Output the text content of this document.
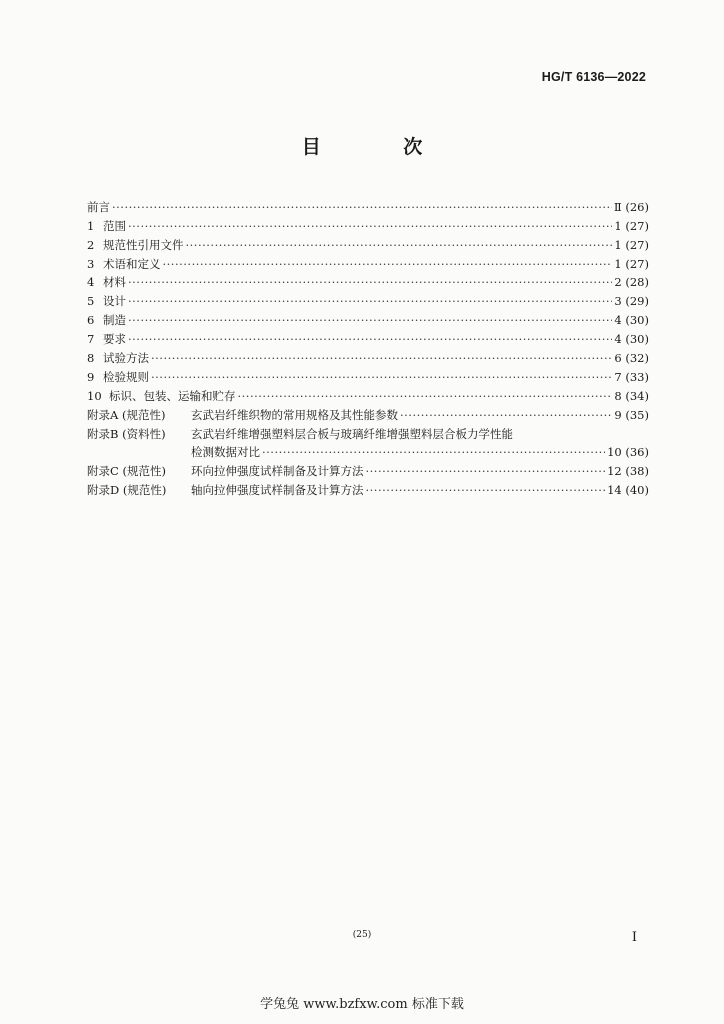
HG/T 6136—2022
目 次
前言 ·····	Ⅱ (26)
1 范围 ·····	1 (27)
2 规范性引用文件 ·····	1 (27)
3 术语和定义 ·····	1 (27)
4 材料 ·····	2 (28)
5 设计 ·····	3 (29)
6 制造 ·····	4 (30)
7 要求 ·····	4 (30)
8 试验方法 ·····	6 (32)
9 检验规则 ·····	7 (33)
10 标识、包装、运输和贮存 ·····	8 (34)
附录A (规范性)	玄武岩纤维织物的常用规格及其性能参数 ·····	9 (35)
附录B (资料性)	玄武岩纤维增强塑料层合板与玻璃纤维增强塑料层合板力学性能
检测数据对比 ·····	10 (36)
附录C (规范性)	环向拉伸强度试样制备及计算方法 ·····	12 (38)
附录D (规范性)	轴向拉伸强度试样制备及计算方法 ·····	14 (40)
(25)	I
学兔兔 www.bzfxw.com 标准下载
